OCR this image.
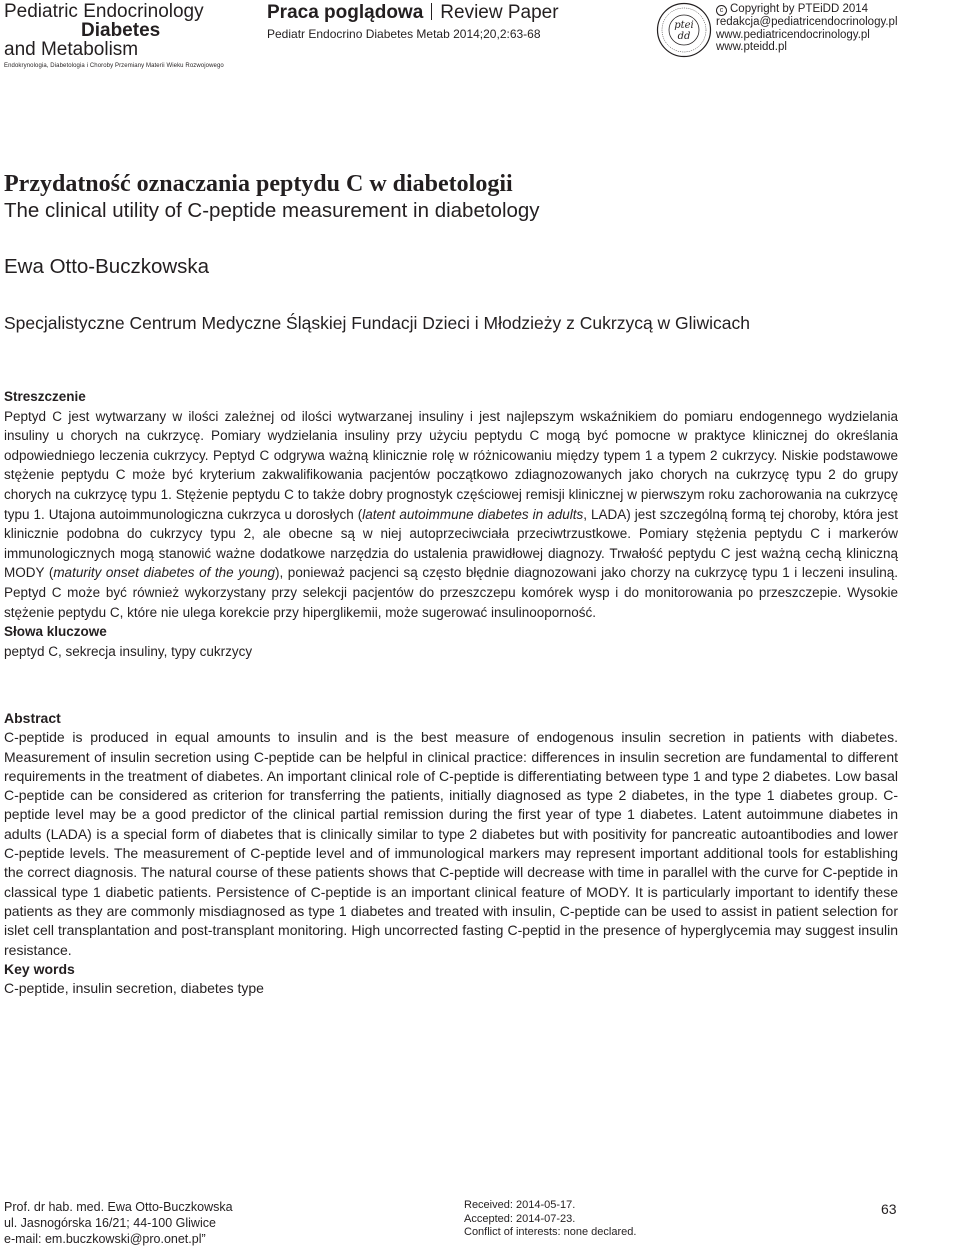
Pediatric Endocrinology
Diabetes
and Metabolism
Endokrynologia, Diabetologia i Choroby Przemiany Materii Wieku Rozwojowego
Praca poglądowa Review Paper
Pediatr Endocrino Diabetes Metab 2014;20,2:63-68
ptei
dd
c Copyright by PTEiDD 2014
redakcja@pediatricendocrinology.pl
www.pediatricendocrinology.pl
www.pteidd.pl
Przydatność oznaczania peptydu C w diabetologii
The clinical utility of C-peptide measurement in diabetology
Ewa Otto-Buczkowska
Specjalistyczne Centrum Medyczne Śląskiej Fundacji Dzieci i Młodzieży z Cukrzycą w Gliwicach
Streszczenie
Peptyd C jest wytwarzany w ilości zależnej od ilości wytwarzanej insuliny i jest najlepszym wskaźnikiem do pomiaru endogennego wydzielania insuliny u chorych na cukrzycę. Pomiary wydzielania insuliny przy użyciu peptydu C mogą być pomocne w praktyce klinicznej do określania odpowiedniego leczenia cukrzycy. Peptyd C odgrywa ważną klinicznie rolę w różnicowaniu między typem 1 a typem 2 cukrzycy. Niskie podstawowe stężenie peptydu C może być kryterium zakwalifikowania pacjentów początkowo zdiagnozowanych jako chorych na cukrzycę typu 2 do grupy chorych na cukrzycę typu 1. Stężenie peptydu C to także dobry prognostyk częściowej remisji klinicznej w pierwszym roku zachorowania na cukrzycę typu 1. Utajona autoimmunologiczna cukrzyca u dorosłych (latent autoimmune diabetes in adults, LADA) jest szczególną formą tej choroby, która jest klinicznie podobna do cukrzycy typu 2, ale obecne są w niej autoprzeciwciała przeciwtrzustkowe. Pomiary stężenia peptydu C i markerów immunologicznych mogą stanowić ważne dodatkowe narzędzia do ustalenia prawidłowej diagnozy. Trwałość peptydu C jest ważną cechą kliniczną MODY (maturity onset diabetes of the young), ponieważ pacjenci są często błędnie diagnozowani jako chorzy na cukrzycę typu 1 i leczeni insuliną. Peptyd C może być również wykorzystany przy selekcji pacjentów do przeszczepu komórek wysp i do monitorowania po przeszczepie. Wysokie stężenie peptydu C, które nie ulega korekcie przy hiperglikemii, może sugerować insulinooporność.
Słowa kluczowe
peptyd C, sekrecja insuliny, typy cukrzycy
Abstract
C-peptide is produced in equal amounts to insulin and is the best measure of endogenous insulin secretion in patients with diabetes. Measurement of insulin secretion using C-peptide can be helpful in clinical practice: differences in insulin secretion are fundamental to different requirements in the treatment of diabetes. An important clinical role of C-peptide is differentiating between type 1 and type 2 diabetes. Low basal C-peptide can be considered as criterion for transferring the patients, initially diagnosed as type 2 diabetes, in the type 1 diabetes group. C-peptide level may be a good predictor of the clinical partial remission during the first year of type 1 diabetes. Latent autoimmune diabetes in adults (LADA) is a special form of diabetes that is clinically similar to type 2 diabetes but with positivity for pancreatic autoantibodies and lower C-peptide levels. The measurement of C-peptide level and of immunological markers may represent important additional tools for establishing the correct diagnosis. The natural course of these patients shows that C-peptide will decrease with time in parallel with the curve for C-peptide in classical type 1 diabetic patients. Persistence of C-peptide is an important clinical feature of MODY. It is particularly important to identify these patients as they are commonly misdiagnosed as type 1 diabetes and treated with insulin, C-peptide can be used to assist in patient selection for islet cell transplantation and post-transplant monitoring. High uncorrected fasting C-peptid in the presence of hyperglycemia may suggest insulin resistance.
Key words
C-peptide, insulin secretion, diabetes type
Prof. dr hab. med. Ewa Otto-Buczkowska
ul. Jasnogórska 16/21; 44-100 Gliwice
e-mail: em.buczkowski@pro.onet.pl”
Received: 2014-05-17.
Accepted: 2014-07-23.
Conflict of interests: none declared.
63
